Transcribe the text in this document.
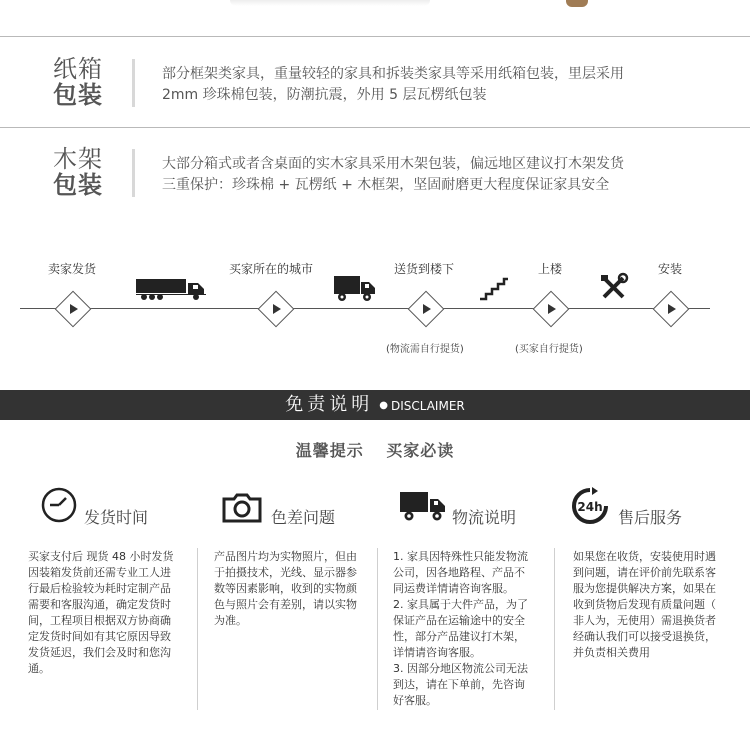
纸箱
包装
部分框架类家具，重量较轻的家具和拆装类家具等采用纸箱包装，里层采用
2mm 珍珠棉包装，防潮抗震，外用 5 层瓦楞纸包装
木架
包装
大部分箱式或者含桌面的实木家具采用木架包装，偏远地区建议打木架发货
三重保护：珍珠棉 + 瓦楞纸 + 木框架，坚固耐磨更大程度保证家具安全
卖家发货	买家所在的城市	送货到楼下	上楼	安装
(物流需自行提货)	(买家自行提货)
免责说明 ● DISCLAIMER
温馨提示 买家必读
发货时间	色差问题	物流说明
24h
售后服务
买家支付后 现货 48 小时发货
因装箱发货前还需专业工人进
行最后检验较为耗时定制产品
需要和客服沟通，确定发货时
间，工程项目根据双方协商确
定发货时间如有其它原因导致
发货延迟，我们会及时和您沟
通。
产品图片均为实物照片，但由
于拍摄技术，光线、显示器参
数等因素影响，收到的实物颜
色与照片会有差别，请以实物
为准。
1. 家具因特殊性只能发物流
公司，因各地路程、产品不
同运费详情请咨询客服。
2. 家具属于大件产品，为了
保证产品在运输途中的安全
性，部分产品建议打木架，
详情请咨询客服。
3. 因部分地区物流公司无法
到达，请在下单前，先咨询
好客服。
如果您在收货，安装使用时遇
到问题，请在评价前先联系客
服为您提供解决方案，如果在
收到货物后发现有质量问题（
非人为，无使用）需退换货者
经确认我们可以接受退换货，
并负责相关费用
